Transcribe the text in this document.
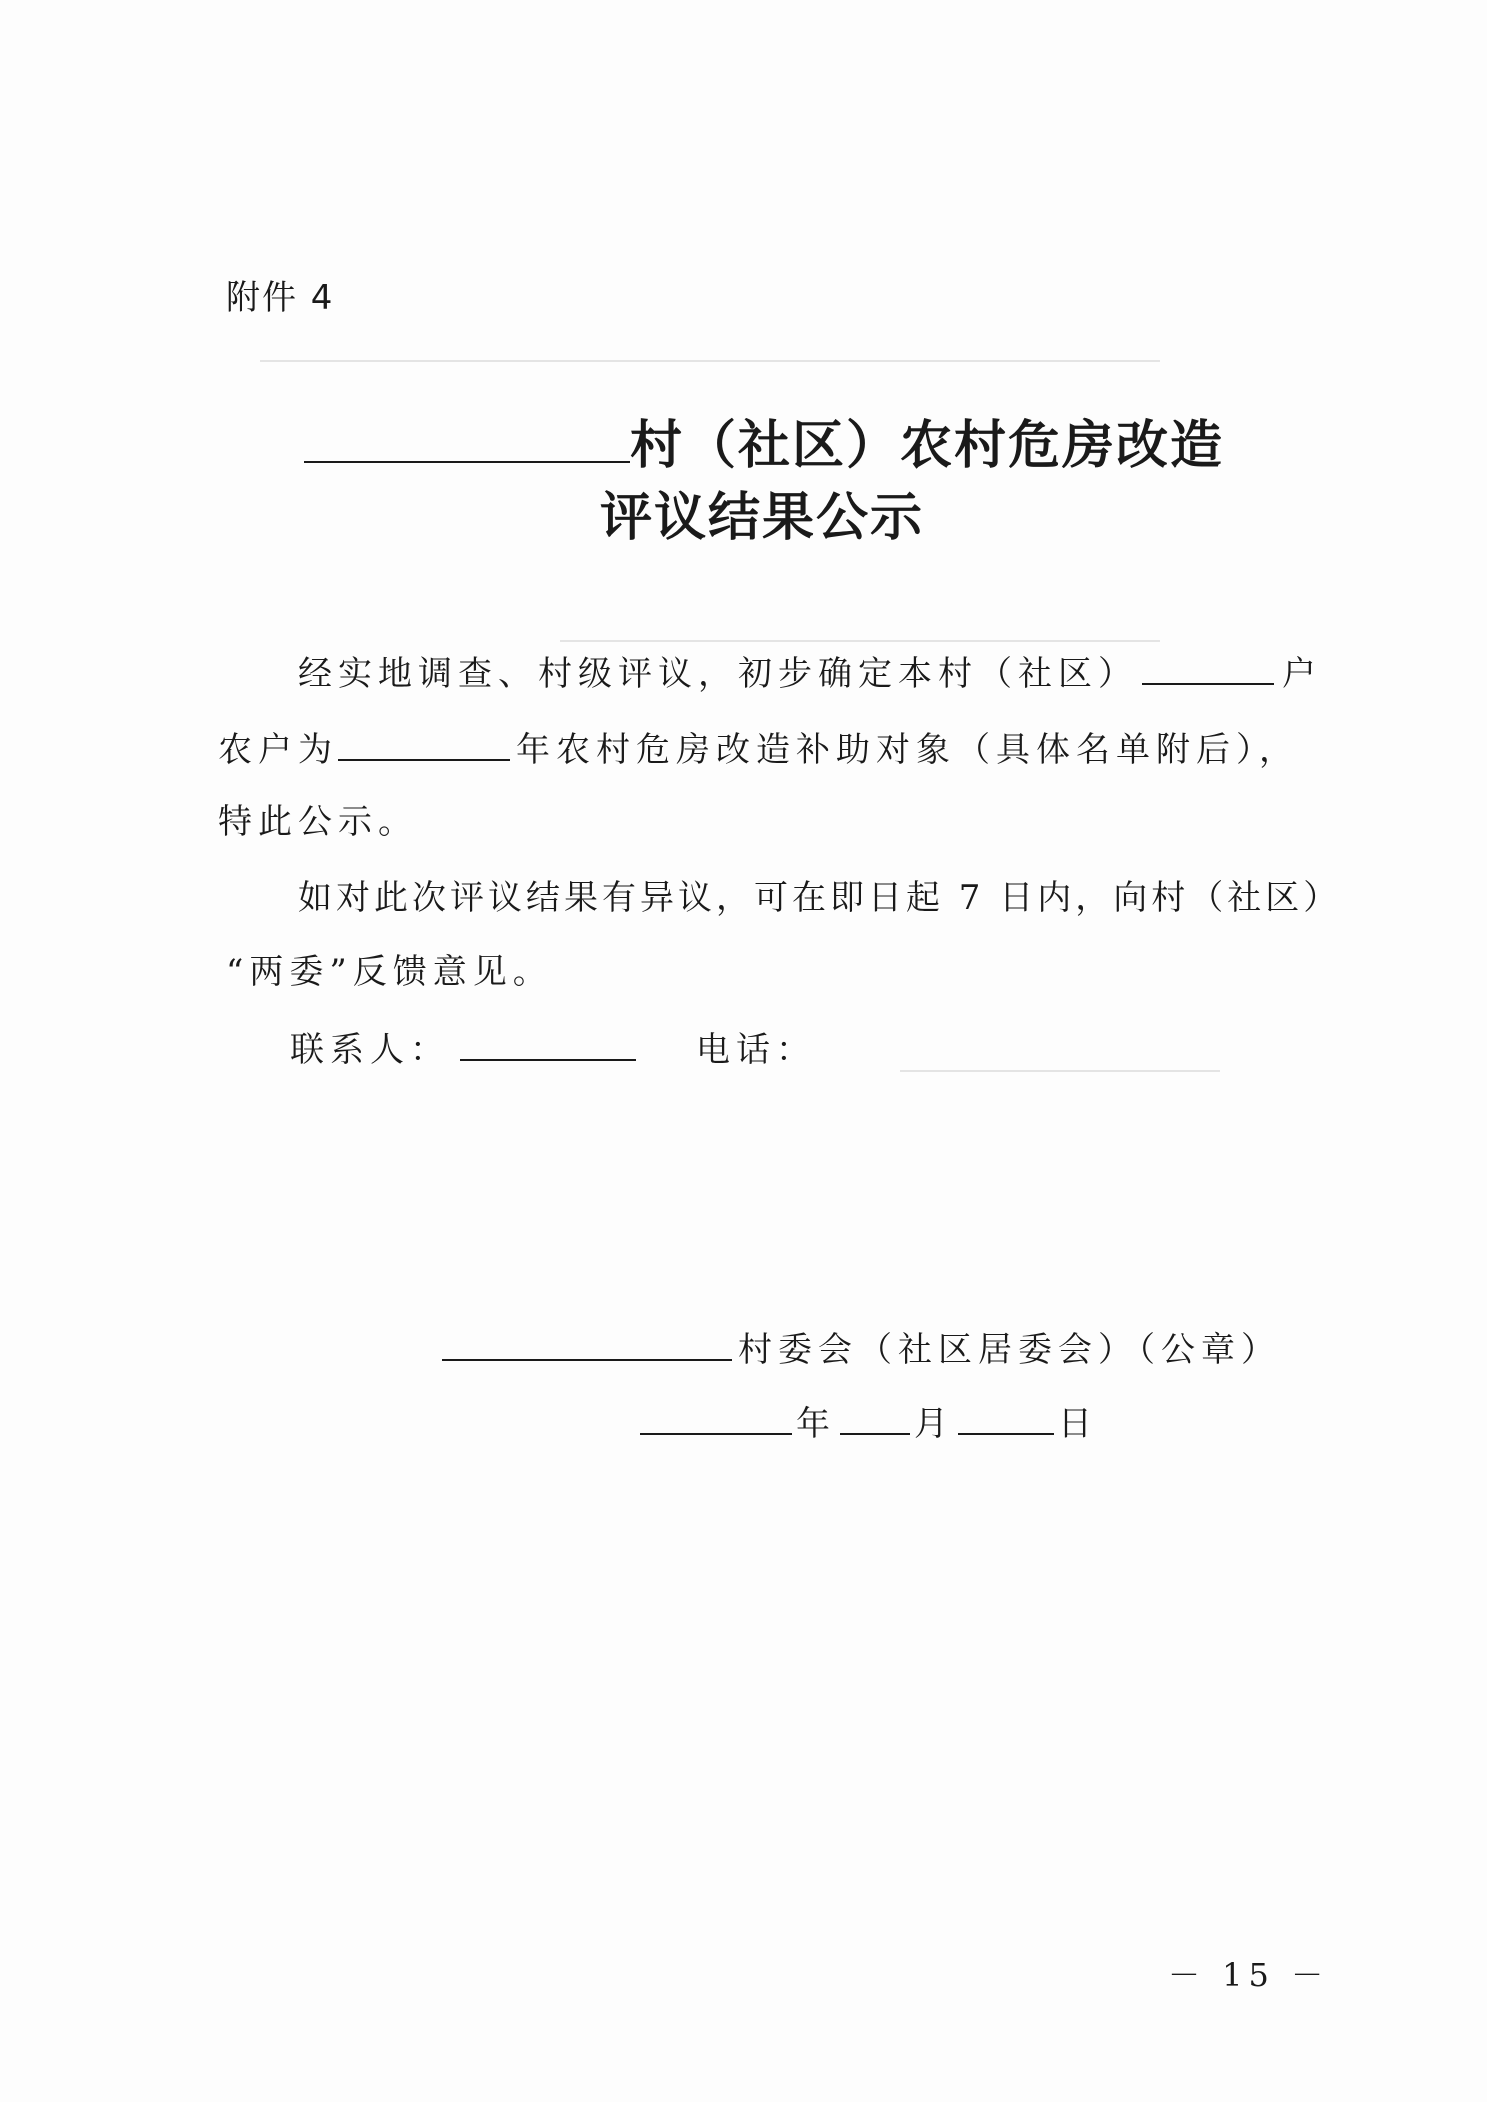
附件 4
村（社区）农村危房改造
评议结果公示
经实地调查、村级评议，初步确定本村（社区）	户
农户为	年农村危房改造补助对象（具体名单附后），
特此公示。
如对此次评议结果有异议，可在即日起 7 日内，向村（社区）
“两委”反馈意见。
联系人：	电话：
村委会（社区居委会）（公章）
年 月	日
－ 15 －
